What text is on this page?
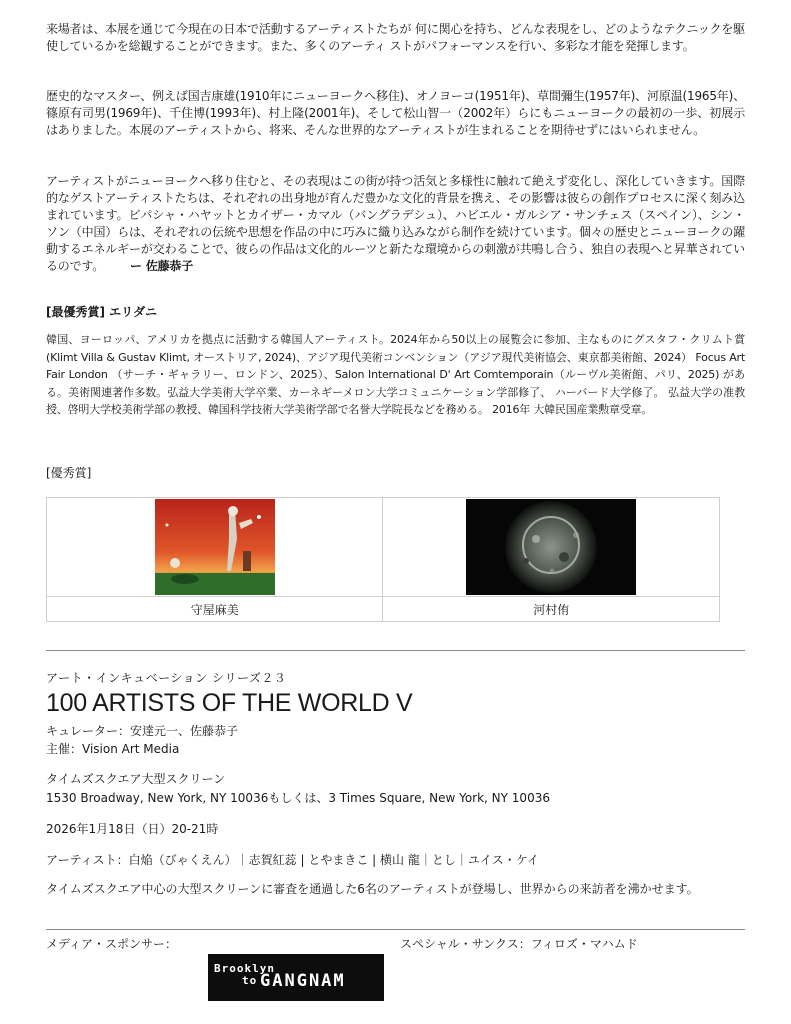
来場者は、本展を通じて今現在の日本で活動するアーティストたちが 何に関心を持ち、どんな表現をし、どのようなテクニックを駆使しているかを総観することができます。また、多くのアーティ ストがパフォーマンスを行い、多彩な才能を発揮します。

歴史的なマスター、例えば国吉康雄(1910年にニューヨークへ移住)、オノヨーコ(1951年)、草間彌生(1957年)、河原温(1965年)、篠原有司男(1969年)、千住博(1993年)、村上隆(2001年)、そして松山智一（2002年）らにもニューヨークの最初の一歩、初展示はありました。本展のアーティストから、将来、そんな世界的なアーティストが生まれることを期待せずにはいられません。

アーティストがニューヨークへ移り住むと、その表現はこの街が持つ活気と多様性に触れて絶えず変化し、深化していきます。国際的なゲストアーティストたちは、それぞれの出身地が育んだ豊かな文化的背景を携え、その影響は彼らの創作プロセスに深く刻み込まれています。ビパシャ・ハヤットとカイザー・カマル（バングラデシュ）、ハビエル・ガルシア・サンチェス（スペイン）、シン・ソン（中国）らは、それぞれの伝統や思想を作品の中に巧みに織り込みながら制作を続けています。個々の歴史とニューヨークの躍動するエネルギーが交わることで、彼らの作品は文化的ルーツと新たな環境からの刺激が共鳴し合う、独自の表現へと昇華されているのです。 ー 佐藤恭子

[最優秀賞] エリダニ

韓国、ヨーロッパ、アメリカを拠点に活動する韓国人アーティスト。2024年から50以上の展覧会に参加、主なものにグスタフ・クリムト賞 (Klimt Villa & Gustav Klimt, オーストリア, 2024)、アジア現代美術コンベンション（アジア現代美術協会、東京都美術館、2024） Focus Art Fair London （サーチ・ギャラリー、ロンドン、2025）、Salon International D' Art Comtemporain（ルーヴル美術館、パリ、2025) がある。美術関連著作多数。弘益大学美術大学卒業、カーネギーメロン大学コミュニケーション学部修了、 ハーバード大学修了。 弘益大学の准教授、啓明大学校美術学部の教授、韓国科学技術大学美術学部で名誉大学院長などを務める。 2016年 大韓民国産業勲章受章。

[優秀賞]

守屋麻美	河村侑

アート・インキュベーション シリーズ２３

100 ARTISTS OF THE WORLD V

キュレーター：安達元一、佐藤恭子

主催：Vision Art Media

タイムズスクエア大型スクリーン

1530 Broadway, New York, NY 10036もしくは、3 Times Square, New York, NY 10036

2026年1月18日（日）20-21時

アーティスト：白焔（びゃくえん）｜志賀紅蕊 | とやまきこ | 横山 龍｜とし｜ユイス・ケイ

タイムズスクエア中心の大型スクリーンに審査を通過した6名のアーティストが登場し、世界からの来訪者を沸かせます。

メディア・スポンサー：	スペシャル・サンクス：フィロズ・マハムド

Brooklyn
to GANGNAM
